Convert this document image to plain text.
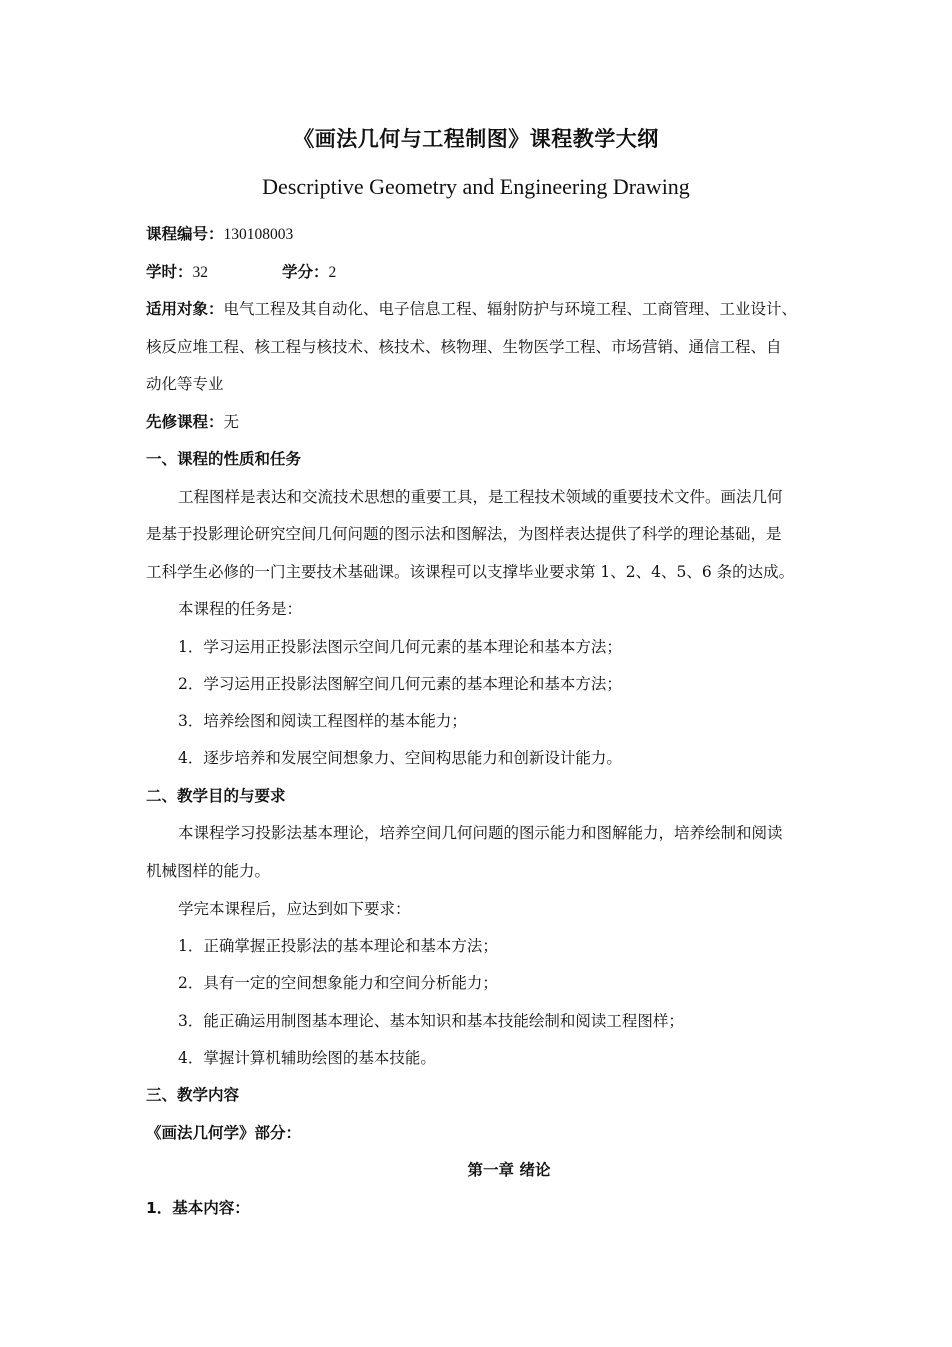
《画法几何与工程制图》课程教学大纲
Descriptive Geometry and Engineering Drawing
课程编号：130108003
学时：32	学分：2
适用对象：电气工程及其自动化、电子信息工程、辐射防护与环境工程、工商管理、工业设计、
核反应堆工程、核工程与核技术、核技术、核物理、生物医学工程、市场营销、通信工程、自
动化等专业
先修课程：无
一、课程的性质和任务
工程图样是表达和交流技术思想的重要工具，是工程技术领域的重要技术文件。画法几何
是基于投影理论研究空间几何问题的图示法和图解法，为图样表达提供了科学的理论基础，是
工科学生必修的一门主要技术基础课。该课程可以支撑毕业要求第 1、2、4、5、6 条的达成。
本课程的任务是：
1．学习运用正投影法图示空间几何元素的基本理论和基本方法；
2．学习运用正投影法图解空间几何元素的基本理论和基本方法；
3．培养绘图和阅读工程图样的基本能力；
4．逐步培养和发展空间想象力、空间构思能力和创新设计能力。
二、教学目的与要求
本课程学习投影法基本理论，培养空间几何问题的图示能力和图解能力，培养绘制和阅读
机械图样的能力。
学完本课程后，应达到如下要求：
1．正确掌握正投影法的基本理论和基本方法；
2．具有一定的空间想象能力和空间分析能力；
3．能正确运用制图基本理论、基本知识和基本技能绘制和阅读工程图样；
4．掌握计算机辅助绘图的基本技能。
三、教学内容
《画法几何学》部分：
第一章 绪论
1．基本内容：
